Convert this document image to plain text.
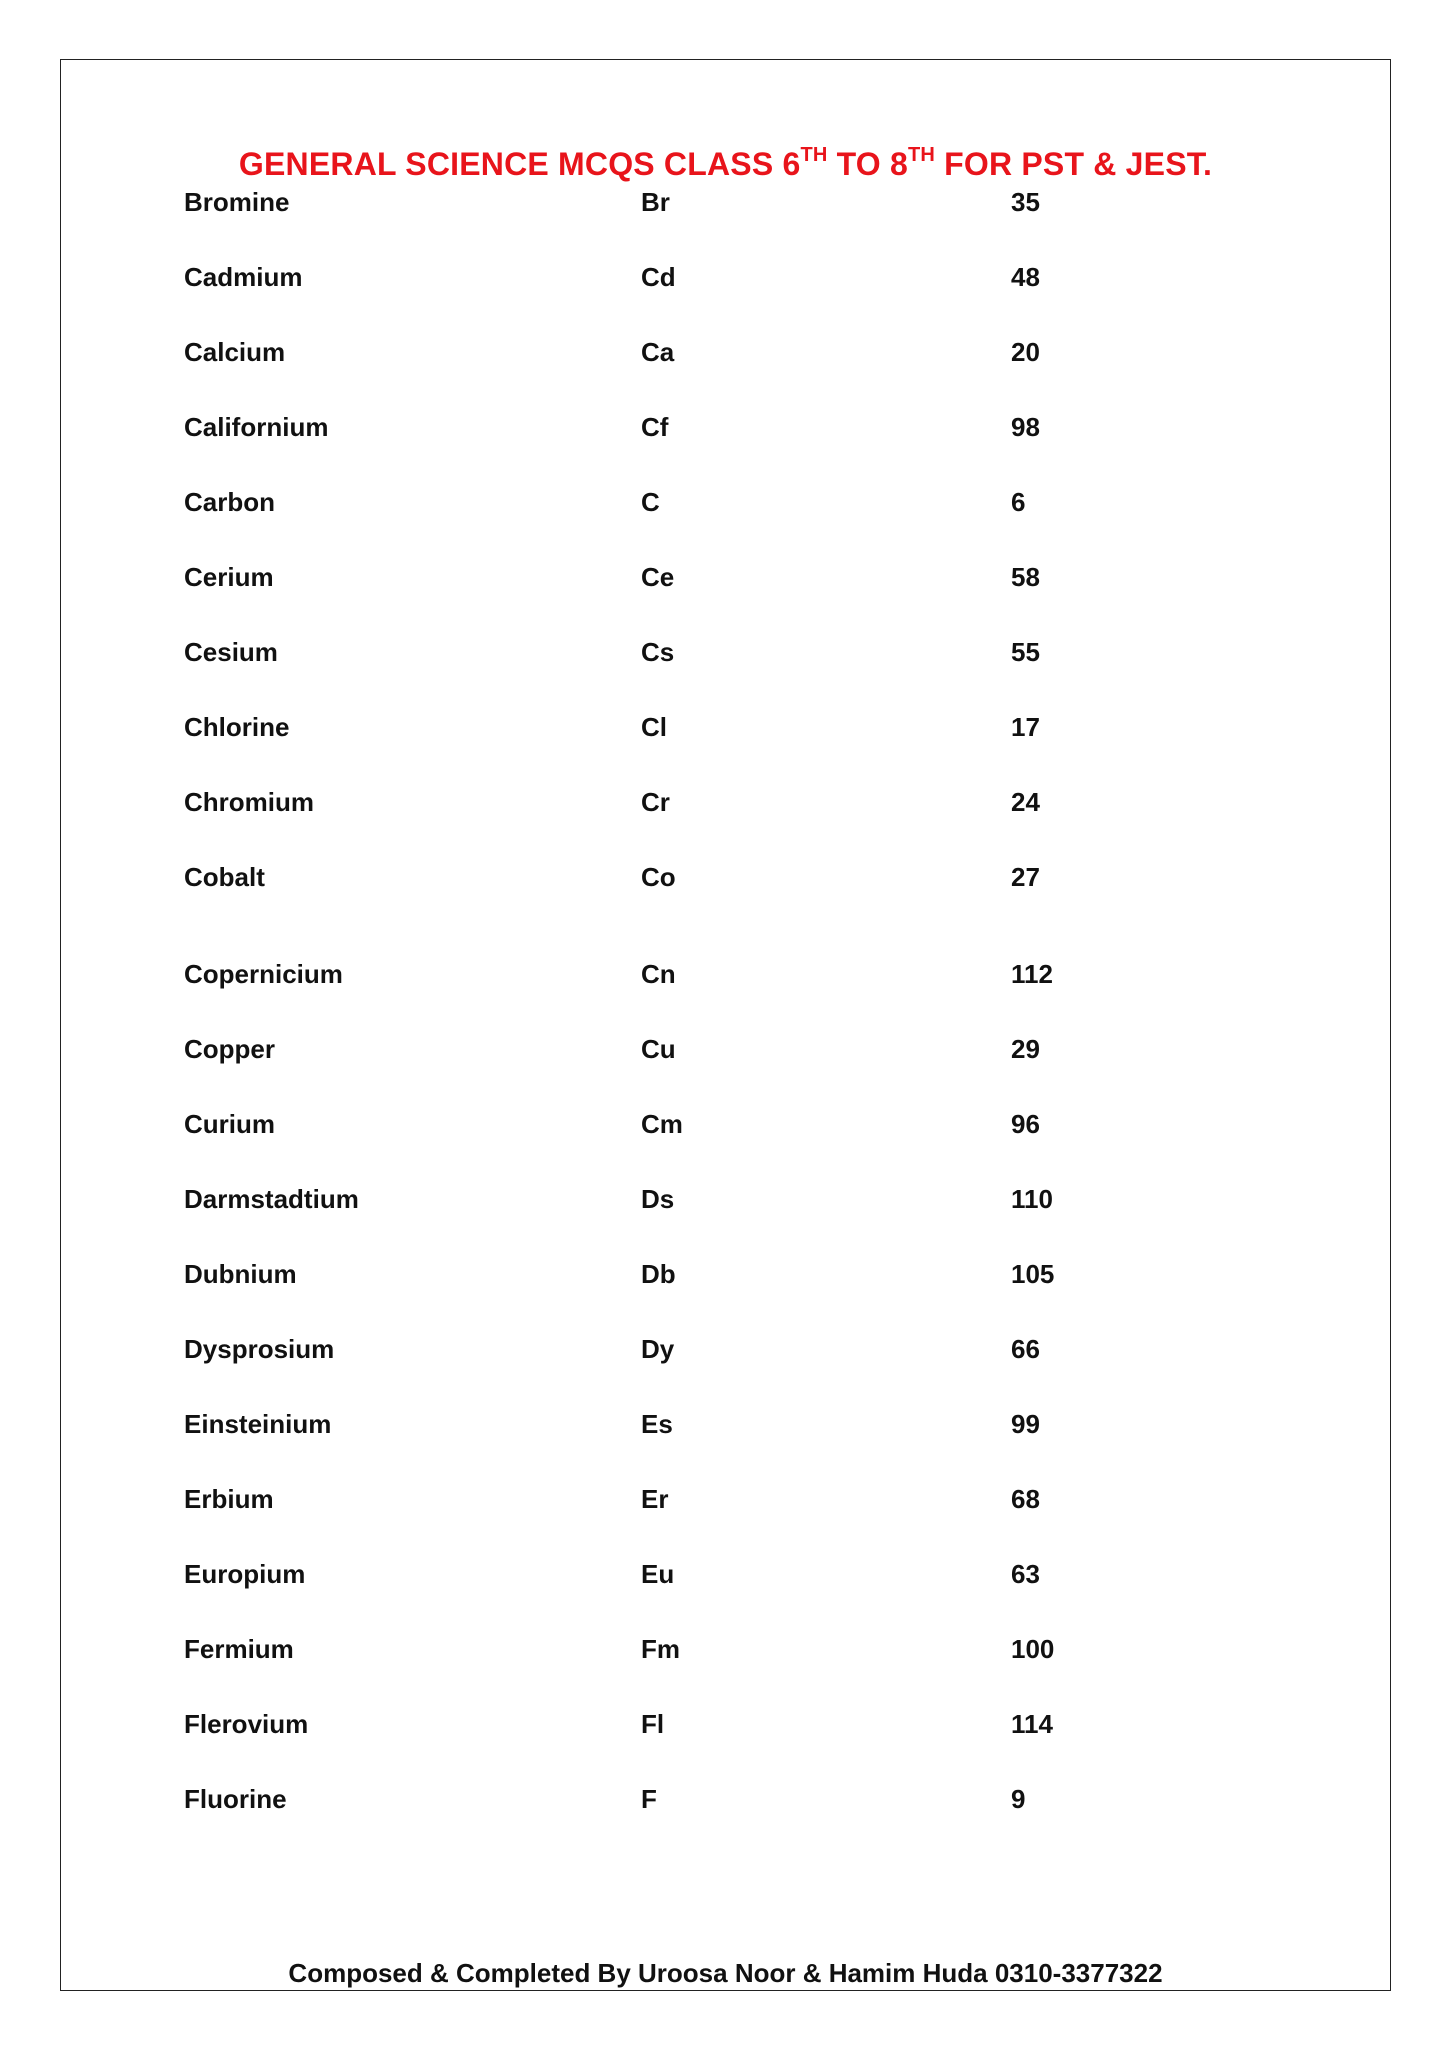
GENERAL SCIENCE MCQS CLASS 6TH TO 8TH FOR PST & JEST.
Bromine	Br	35
Cadmium	Cd	48
Calcium	Ca	20
Californium	Cf	98
Carbon	C	6
Cerium	Ce	58
Cesium	Cs	55
Chlorine	Cl	17
Chromium	Cr	24
Cobalt	Co	27
Copernicium	Cn	112
Copper	Cu	29
Curium	Cm	96
Darmstadtium	Ds	110
Dubnium	Db	105
Dysprosium	Dy	66
Einsteinium	Es	99
Erbium	Er	68
Europium	Eu	63
Fermium	Fm	100
Flerovium	Fl	114
Fluorine	F	9
Composed & Completed By Uroosa Noor & Hamim Huda 0310-3377322
